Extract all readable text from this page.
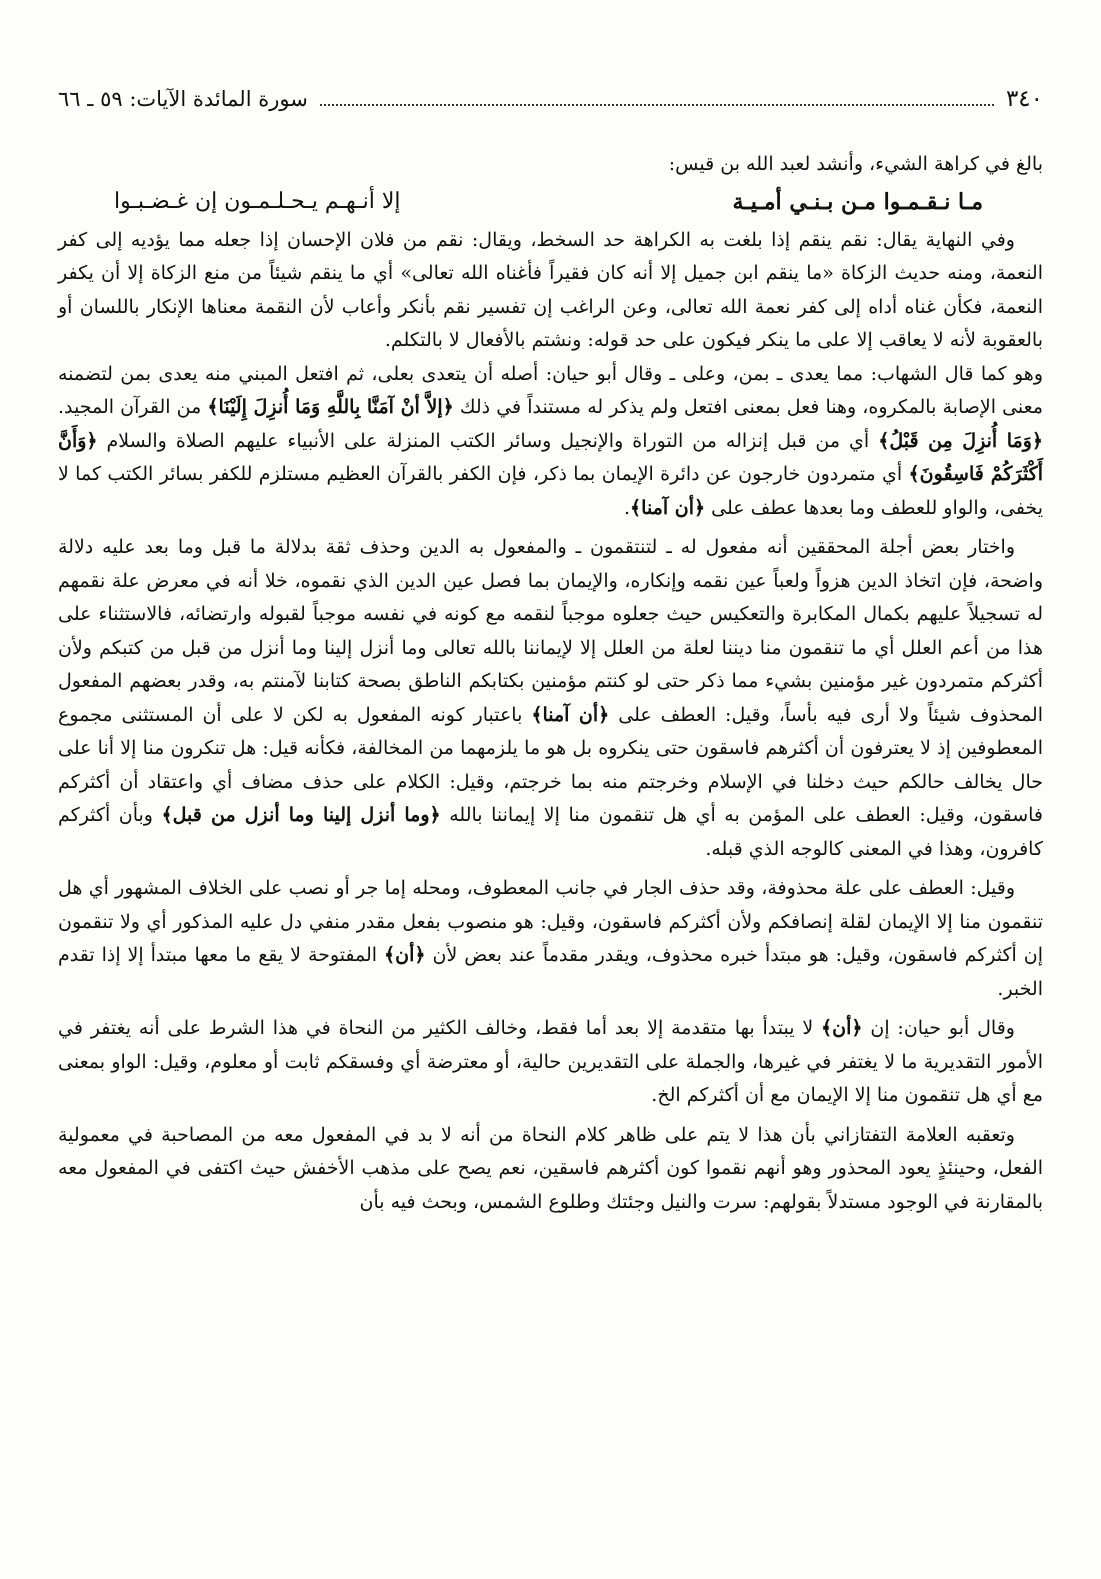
٣٤٠
سورة المائدة الآيات: ٥٩ ـ ٦٦

بالغ في كراهة الشيء، وأنشد لعبد الله بن قيس:

مـا نـقـمـوا مـن بـنـي أمـيـة
إلا أنـهـم يـحـلـمـون إن غـضـبـوا

وفي النهاية يقال: نقم ينقم إذا بلغت به الكراهة حد السخط، ويقال: نقم من فلان الإحسان إذا جعله مما يؤديه إلى كفر النعمة، ومنه حديث الزكاة «ما ينقم ابن جميل إلا أنه كان فقيراً فأغناه الله تعالى» أي ما ينقم شيئاً من منع الزكاة إلا أن يكفر النعمة، فكأن غناه أداه إلى كفر نعمة الله تعالى، وعن الراغب إن تفسير نقم بأنكر وأعاب لأن النقمة معناها الإنكار باللسان أو بالعقوبة لأنه لا يعاقب إلا على ما ينكر فيكون على حد قوله: ونشتم بالأفعال لا بالتكلم.

وهو كما قال الشهاب: مما يعدى ـ بمن، وعلى ـ وقال أبو حيان: أصله أن يتعدى بعلى، ثم افتعل المبني منه يعدى بمن لتضمنه معنى الإصابة بالمكروه، وهنا فعل بمعنى افتعل ولم يذكر له مستنداً في ذلك ﴿إلاَّ أنْ آمَنَّا بِاللَّهِ وَمَا أُنزِلَ إِلَيْنَا﴾ من القرآن المجيد. ﴿وَمَا أُنزِلَ مِن قَبْلُ﴾ أي من قبل إنزاله من التوراة والإنجيل وسائر الكتب المنزلة على الأنبياء عليهم الصلاة والسلام ﴿وَأَنَّ أَكْثَرَكُمْ فَاسِقُونَ﴾ أي متمردون خارجون عن دائرة الإيمان بما ذكر، فإن الكفر بالقرآن العظيم مستلزم للكفر بسائر الكتب كما لا يخفى، والواو للعطف وما بعدها عطف على ﴿أن آمنا﴾.

واختار بعض أجلة المحققين أنه مفعول له ـ لتنتقمون ـ والمفعول به الدين وحذف ثقة بدلالة ما قبل وما بعد عليه دلالة واضحة، فإن اتخاذ الدين هزواً ولعباً عين نقمه وإنكاره، والإيمان بما فصل عين الدين الذي نقموه، خلا أنه في معرض علة نقمهم له تسجيلاً عليهم بكمال المكابرة والتعكيس حيث جعلوه موجباً لنقمه مع كونه في نفسه موجباً لقبوله وارتضائه، فالاستثناء على هذا من أعم العلل أي ما تنقمون منا ديننا لعلة من العلل إلا لإيماننا بالله تعالى وما أنزل إلينا وما أنزل من قبل من كتبكم ولأن أكثركم متمردون غير مؤمنين بشيء مما ذكر حتى لو كنتم مؤمنين بكتابكم الناطق بصحة كتابنا لآمنتم به، وقدر بعضهم المفعول المحذوف شيئاً ولا أرى فيه بأساً، وقيل: العطف على ﴿أن آمنا﴾ باعتبار كونه المفعول به لكن لا على أن المستثنى مجموع المعطوفين إذ لا يعترفون أن أكثرهم فاسقون حتى ينكروه بل هو ما يلزمهما من المخالفة، فكأنه قيل: هل تنكرون منا إلا أنا على حال يخالف حالكم حيث دخلنا في الإسلام وخرجتم منه بما خرجتم، وقيل: الكلام على حذف مضاف أي واعتقاد أن أكثركم فاسقون، وقيل: العطف على المؤمن به أي هل تنقمون منا إلا إيماننا بالله ﴿وما أنزل إلينا وما أنزل من قبل﴾ وبأن أكثركم كافرون، وهذا في المعنى كالوجه الذي قبله.

وقيل: العطف على علة محذوفة، وقد حذف الجار في جانب المعطوف، ومحله إما جر أو نصب على الخلاف المشهور أي هل تنقمون منا إلا الإيمان لقلة إنصافكم ولأن أكثركم فاسقون، وقيل: هو منصوب بفعل مقدر منفي دل عليه المذكور أي ولا تنقمون إن أكثركم فاسقون، وقيل: هو مبتدأ خبره محذوف، ويقدر مقدماً عند بعض لأن ﴿أن﴾ المفتوحة لا يقع ما معها مبتدأ إلا إذا تقدم الخبر.

وقال أبو حيان: إن ﴿أن﴾ لا يبتدأ بها متقدمة إلا بعد أما فقط، وخالف الكثير من النحاة في هذا الشرط على أنه يغتفر في الأمور التقديرية ما لا يغتفر في غيرها، والجملة على التقديرين حالية، أو معترضة أي وفسقكم ثابت أو معلوم، وقيل: الواو بمعنى مع أي هل تنقمون منا إلا الإيمان مع أن أكثركم الخ.

وتعقبه العلامة التفتازاني بأن هذا لا يتم على ظاهر كلام النحاة من أنه لا بد في المفعول معه من المصاحبة في معمولية الفعل، وحينئذٍ يعود المحذور وهو أنهم نقموا كون أكثرهم فاسقين، نعم يصح على مذهب الأخفش حيث اكتفى في المفعول معه بالمقارنة في الوجود مستدلاً بقولهم: سرت والنيل وجئتك وطلوع الشمس، وبحث فيه بأن
